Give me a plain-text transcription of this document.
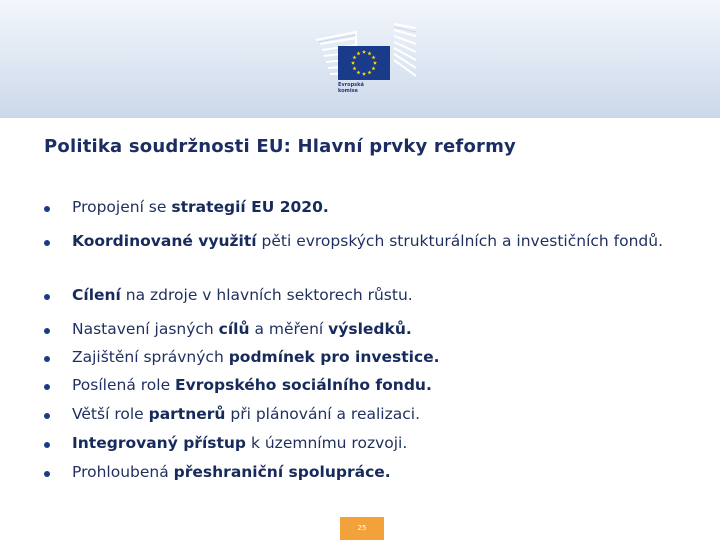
Evropská
komise
Politika soudržnosti EU: Hlavní prvky reformy
Propojení se strategií EU 2020.
Koordinované využití pěti evropských strukturálních a investičních fondů.
Cílení na zdroje v hlavních sektorech růstu.
Nastavení jasných cílů a měření výsledků.
Zajištění správných podmínek pro investice.
Posílená role Evropského sociálního fondu.
Větší role partnerů při plánování a realizaci.
Integrovaný přístup k územnímu rozvoji.
Prohloubená přeshraniční spolupráce.
25
